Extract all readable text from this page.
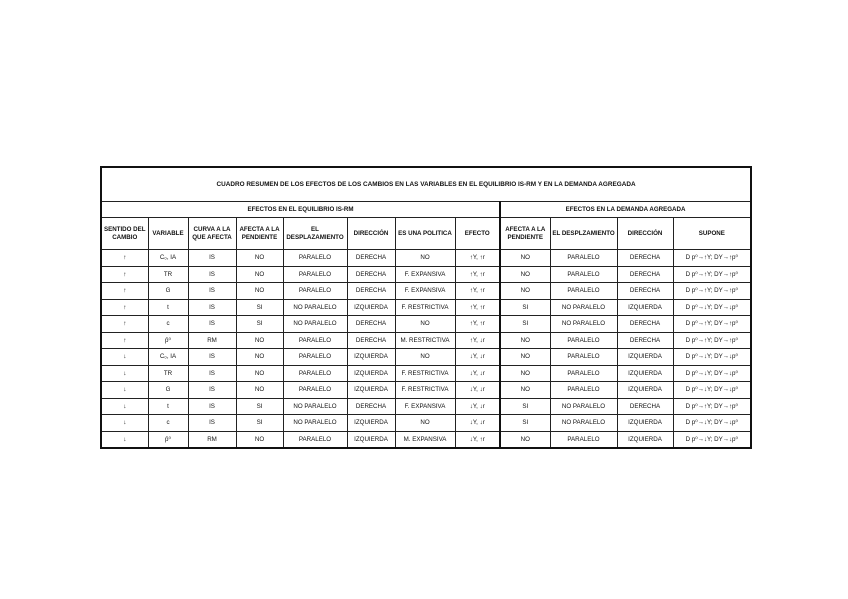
CUADRO RESUMEN DE LOS EFECTOS DE LOS CAMBIOS EN LAS VARIABLES EN EL EQUILIBRIO IS-RM Y EN LA DEMANDA AGREGADA											
EFECTOS EN EL EQUILIBRIO IS-RM								EFECTOS EN LA DEMANDA AGREGADA			
SENTIDO DEL CAMBIO	VARIABLE	CURVA A LA QUE AFECTA	AFECTA A LA PENDIENTE	EL DESPLAZAMIENTO	DIRECCIÓN	ES UNA POLITICA	EFECTO	AFECTA A LA PENDIENTE	EL DESPLZAMIENTO	DIRECCIÓN	SUPONE
↑	C₀, IA	IS	NO	PARALELO	DERECHA	NO	↑Y, ↑r	NO	PARALELO	DERECHA	D p⁰→↑Y; DY→↑p⁰
↑	TR	IS	NO	PARALELO	DERECHA	F. EXPANSIVA	↑Y, ↑r	NO	PARALELO	DERECHA	D p⁰→↑Y; DY→↑p⁰
↑	G	IS	NO	PARALELO	DERECHA	F. EXPANSIVA	↑Y, ↑r	NO	PARALELO	DERECHA	D p⁰→↑Y; DY→↑p⁰
↑	t	IS	SI	NO PARALELO	IZQUIERDA	F. RESTRICTIVA	↑Y, ↑r	SI	NO PARALELO	IZQUIERDA	D p⁰→↓Y; DY→↓p⁰
↑	c	IS	SI	NO PARALELO	DERECHA	NO	↑Y, ↑r	SI	NO PARALELO	DERECHA	D p⁰→↑Y; DY→↑p⁰
↑	p̄⁰	RM	NO	PARALELO	DERECHA	M. RESTRICTIVA	↑Y, ↓r	NO	PARALELO	DERECHA	D p⁰→↑Y; DY→↑p⁰
↓	C₀, IA	IS	NO	PARALELO	IZQUIERDA	NO	↓Y, ↓r	NO	PARALELO	IZQUIERDA	D p⁰→↓Y; DY→↓p⁰
↓	TR	IS	NO	PARALELO	IZQUIERDA	F. RESTRICTIVA	↓Y, ↓r	NO	PARALELO	IZQUIERDA	D p⁰→↓Y; DY→↓p⁰
↓	G	IS	NO	PARALELO	IZQUIERDA	F. RESTRICTIVA	↓Y, ↓r	NO	PARALELO	IZQUIERDA	D p⁰→↓Y; DY→↓p⁰
↓	t	IS	SI	NO PARALELO	DERECHA	F. EXPANSIVA	↓Y, ↓r	SI	NO PARALELO	DERECHA	D p⁰→↑Y; DY→↑p⁰
↓	c	IS	SI	NO PARALELO	IZQUIERDA	NO	↓Y, ↓r	SI	NO PARALELO	IZQUIERDA	D p⁰→↓Y; DY→↓p⁰
↓	p̄⁰	RM	NO	PARALELO	IZQUIERDA	M. EXPANSIVA	↓Y, ↑r	NO	PARALELO	IZQUIERDA	D p⁰→↓Y; DY→↓p⁰
